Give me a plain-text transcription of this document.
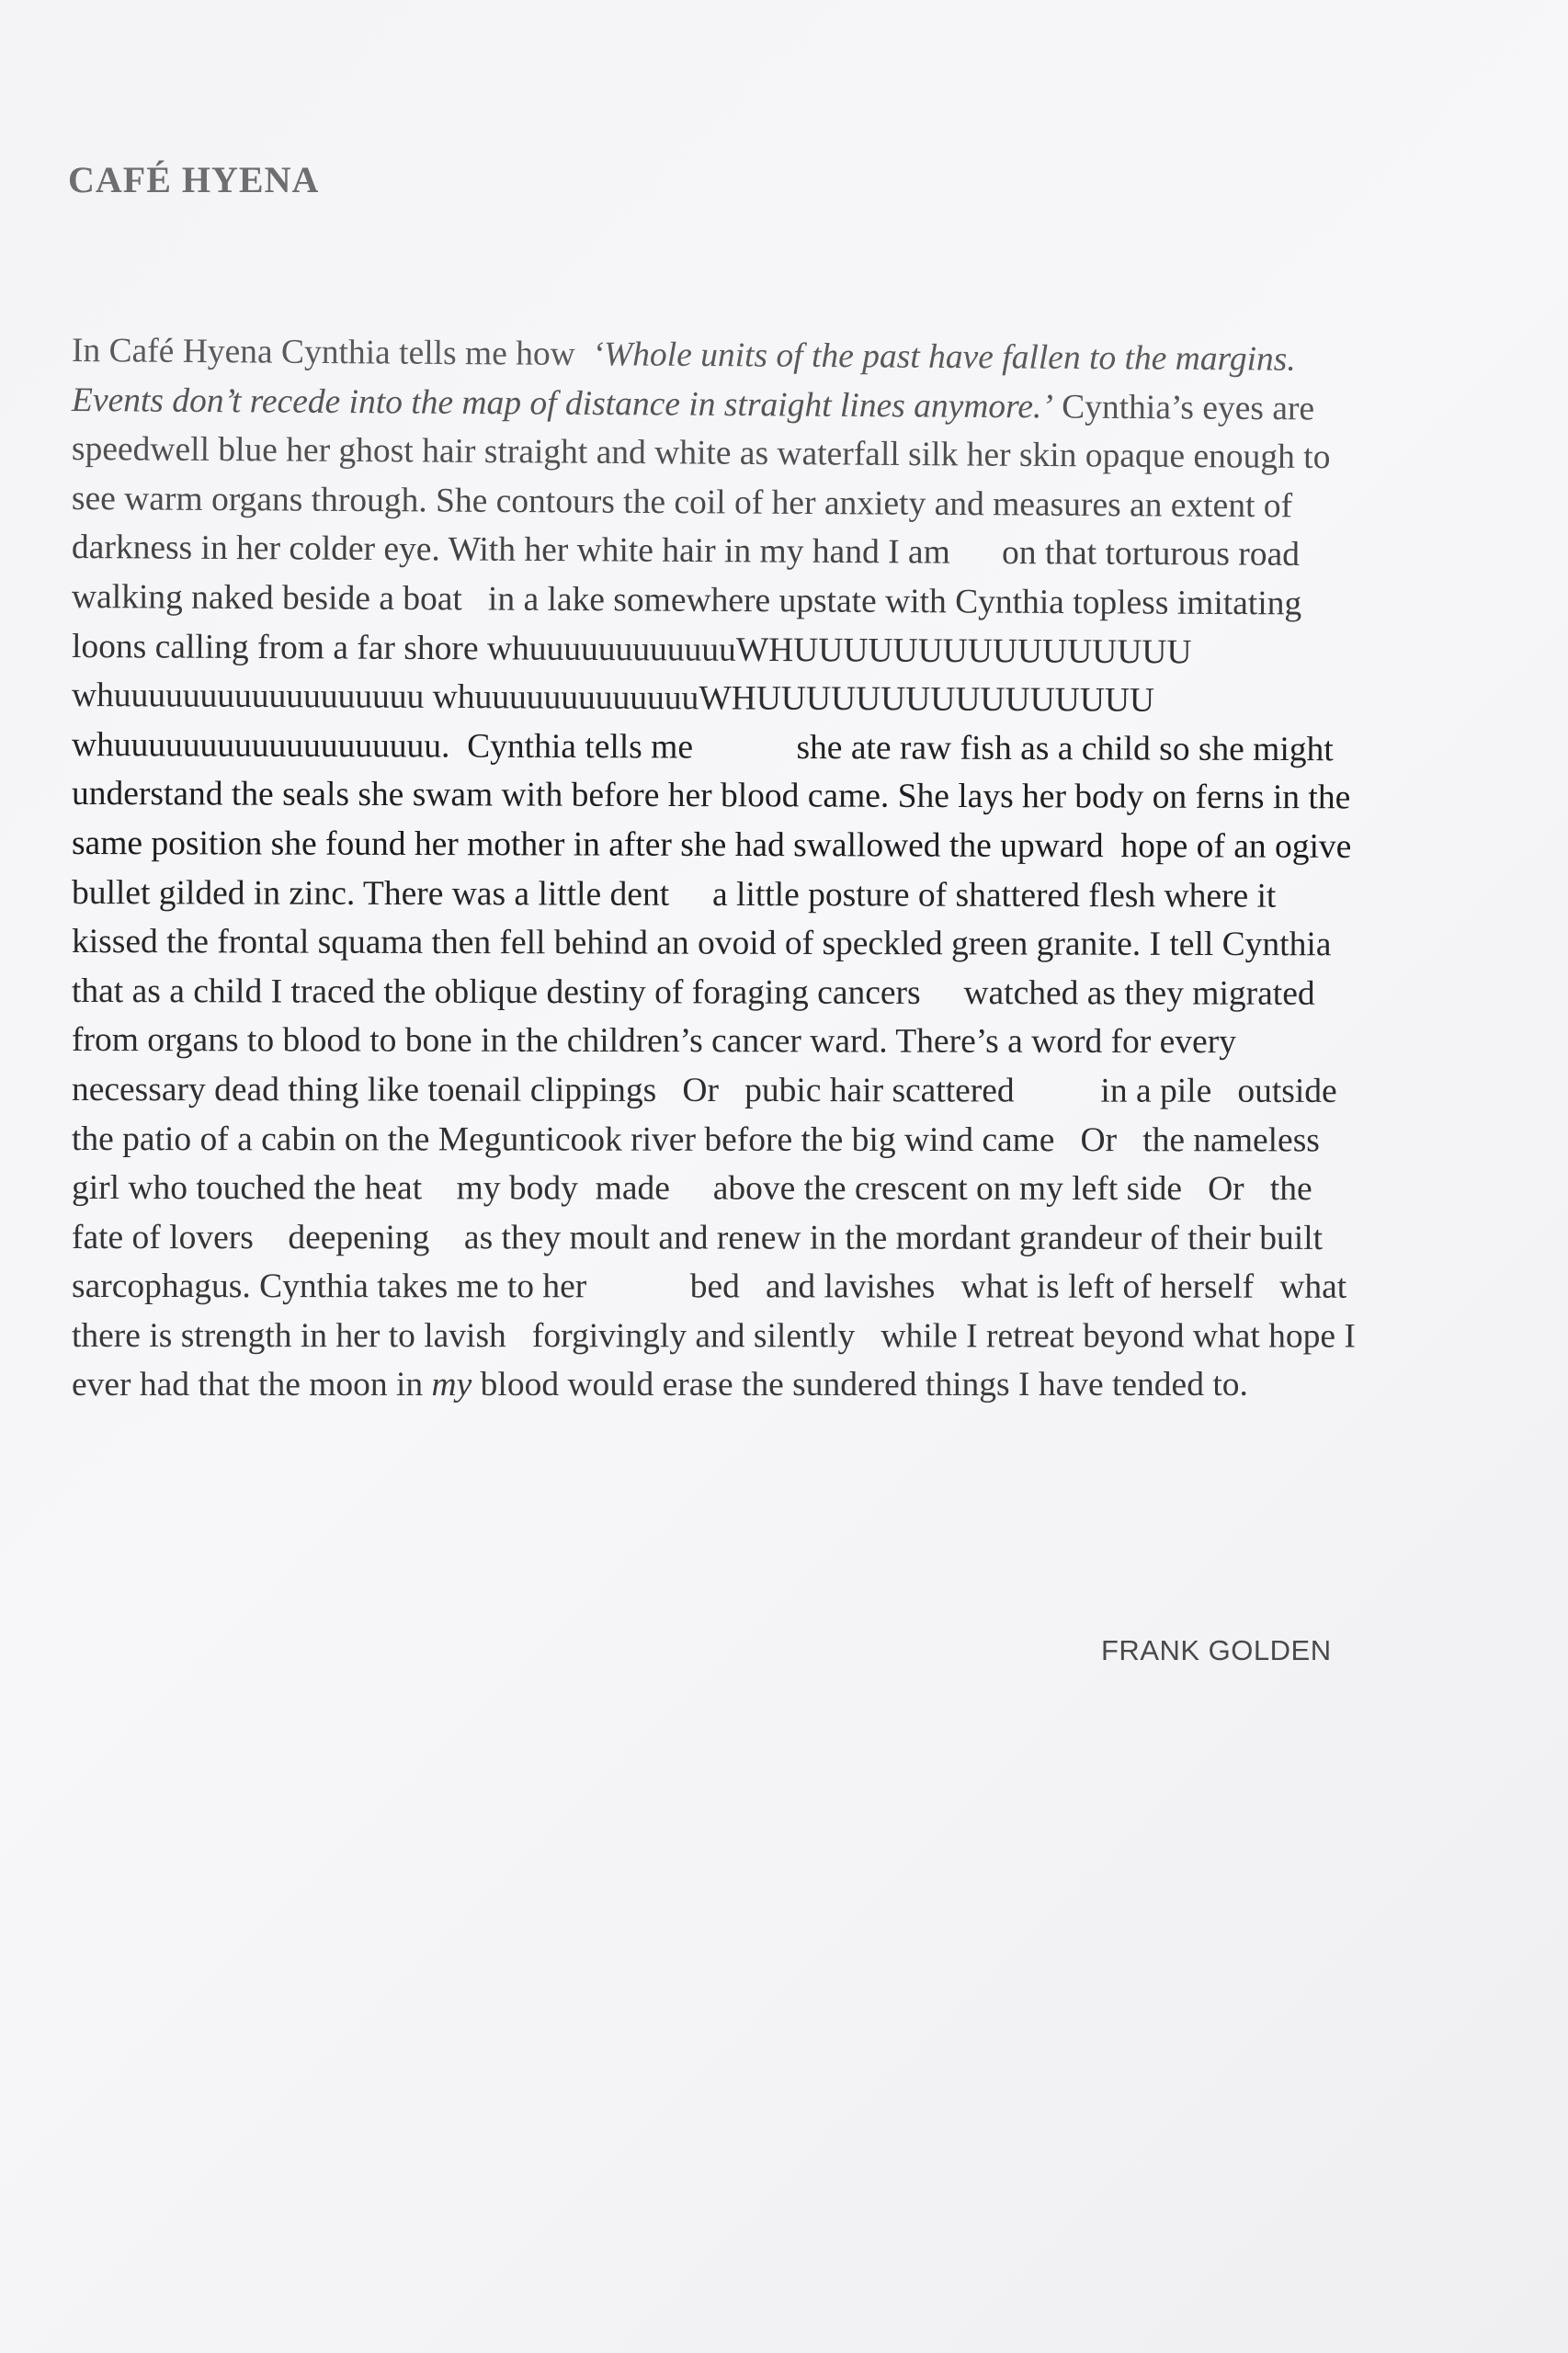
CAFÉ HYENA
In Café Hyena Cynthia tells me how  ‘Whole units of the past have fallen to the margins.
Events don’t recede into the map of distance in straight lines anymore.’ Cynthia’s eyes are
speedwell blue her ghost hair straight and white as waterfall silk her skin opaque enough to
see warm organs through. She contours the coil of her anxiety and measures an extent of
darkness in her colder eye. With her white hair in my hand I am      on that torturous road
walking naked beside a boat   in a lake somewhere upstate with Cynthia topless imitating
loons calling from a far shore whuuuuuuuuuuuuWHUUUUUUUUUUUUUUUU
whuuuuuuuuuuuuuuuuuu whuuuuuuuuuuuuuWHUUUUUUUUUUUUUUUU
whuuuuuuuuuuuuuuuuuuu.  Cynthia tells me            she ate raw fish as a child so she might
understand the seals she swam with before her blood came. She lays her body on ferns in the
same position she found her mother in after she had swallowed the upward  hope of an ogive
bullet gilded in zinc. There was a little dent     a little posture of shattered flesh where it
kissed the frontal squama then fell behind an ovoid of speckled green granite. I tell Cynthia
that as a child I traced the oblique destiny of foraging cancers     watched as they migrated
from organs to blood to bone in the children’s cancer ward. There’s a word for every
necessary dead thing like toenail clippings   Or   pubic hair scattered          in a pile   outside
the patio of a cabin on the Megunticook river before the big wind came   Or   the nameless
girl who touched the heat    my body  made     above the crescent on my left side   Or   the
fate of lovers    deepening    as they moult and renew in the mordant grandeur of their built
sarcophagus. Cynthia takes me to her            bed   and lavishes   what is left of herself   what
there is strength in her to lavish   forgivingly and silently   while I retreat beyond what hope I
ever had that the moon in my blood would erase the sundered things I have tended to.
FRANK GOLDEN
